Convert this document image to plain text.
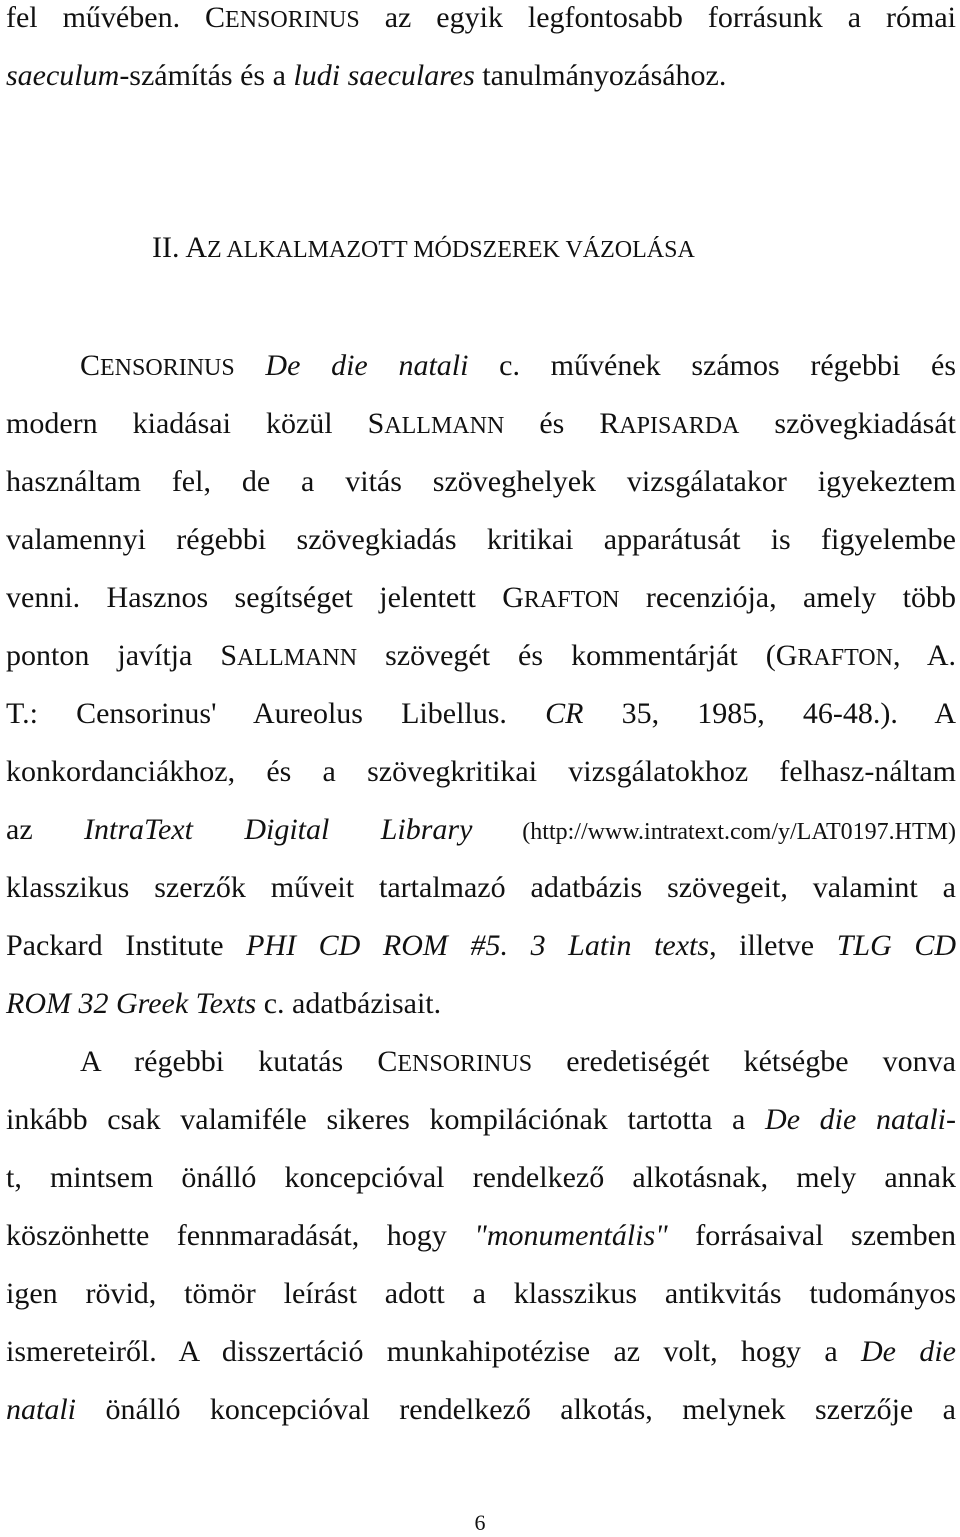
fel művében. CENSORINUS az egyik legfontosabb forrásunk a római
saeculum-számítás és a ludi saeculares tanulmányozásához.
II. AZ ALKALMAZOTT MÓDSZEREK VÁZOLÁSA
CENSORINUS De die natali c. művének számos régebbi és
modern kiadásai közül SALLMANN és RAPISARDA szövegkiadását
használtam fel, de a vitás szöveghelyek vizsgálatakor igyekeztem
valamennyi régebbi szövegkiadás kritikai apparátusát is figyelembe
venni. Hasznos segítséget jelentett GRAFTON recenziója, amely több
ponton javítja SALLMANN szövegét és kommentárját (GRAFTON, A.
T.: Censorinus' Aureolus Libellus. CR 35, 1985, 46-48.). A
konkordanciákhoz, és a szövegkritikai vizsgálatokhoz felhasz-náltam
az IntraText Digital Library (http://www.intratext.com/y/LAT0197.HTM)
klasszikus szerzők műveit tartalmazó adatbázis szövegeit, valamint a
Packard Institute PHI CD ROM #5. 3 Latin texts, illetve TLG CD
ROM 32 Greek Texts c. adatbázisait.
A régebbi kutatás CENSORINUS eredetiségét kétségbe vonva
inkább csak valamiféle sikeres kompilációnak tartotta a De die natali-
t, mintsem önálló koncepcióval rendelkező alkotásnak, mely annak
köszönhette fennmaradását, hogy "monumentális" forrásaival szemben
igen rövid, tömör leírást adott a klasszikus antikvitás tudományos
ismereteiről. A disszertáció munkahipotézise az volt, hogy a De die
natali önálló koncepcióval rendelkező alkotás, melynek szerzője a
6
